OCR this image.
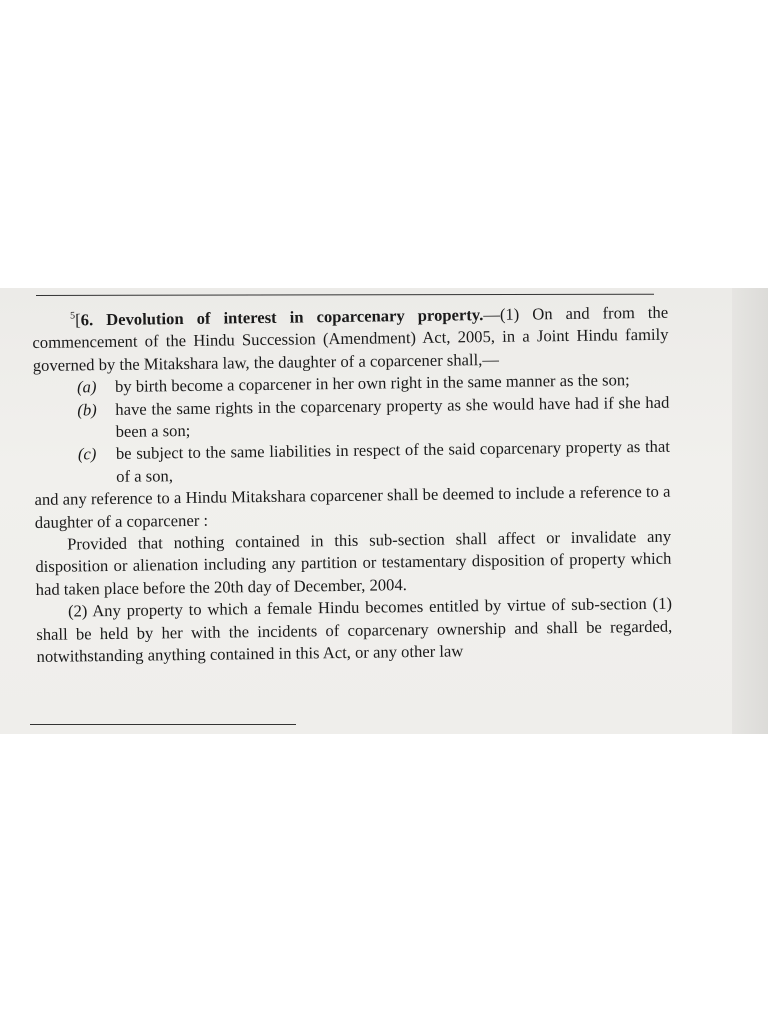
$^5$[6. Devolution of interest in coparcenary property.—(1) On and from the commencement of the Hindu Succession (Amendment) Act, 2005, in a Joint Hindu family governed by the Mitakshara law, the daughter of a coparcener shall,—

(a) by birth become a coparcener in her own right in the same manner as the son;

(b) have the same rights in the coparcenary property as she would have had if she had been a son;

(c) be subject to the same liabilities in respect of the said coparcenary property as that of a son,

and any reference to a Hindu Mitakshara coparcener shall be deemed to include a reference to a daughter of a coparcener :

Provided that nothing contained in this sub-section shall affect or invalidate any disposition or alienation including any partition or testamentary disposition of property which had taken place before the 20th day of December, 2004.

(2) Any property to which a female Hindu becomes entitled by virtue of sub-section (1) shall be held by her with the incidents of coparcenary ownership and shall be regarded, notwithstanding anything contained in this Act, or any other law
